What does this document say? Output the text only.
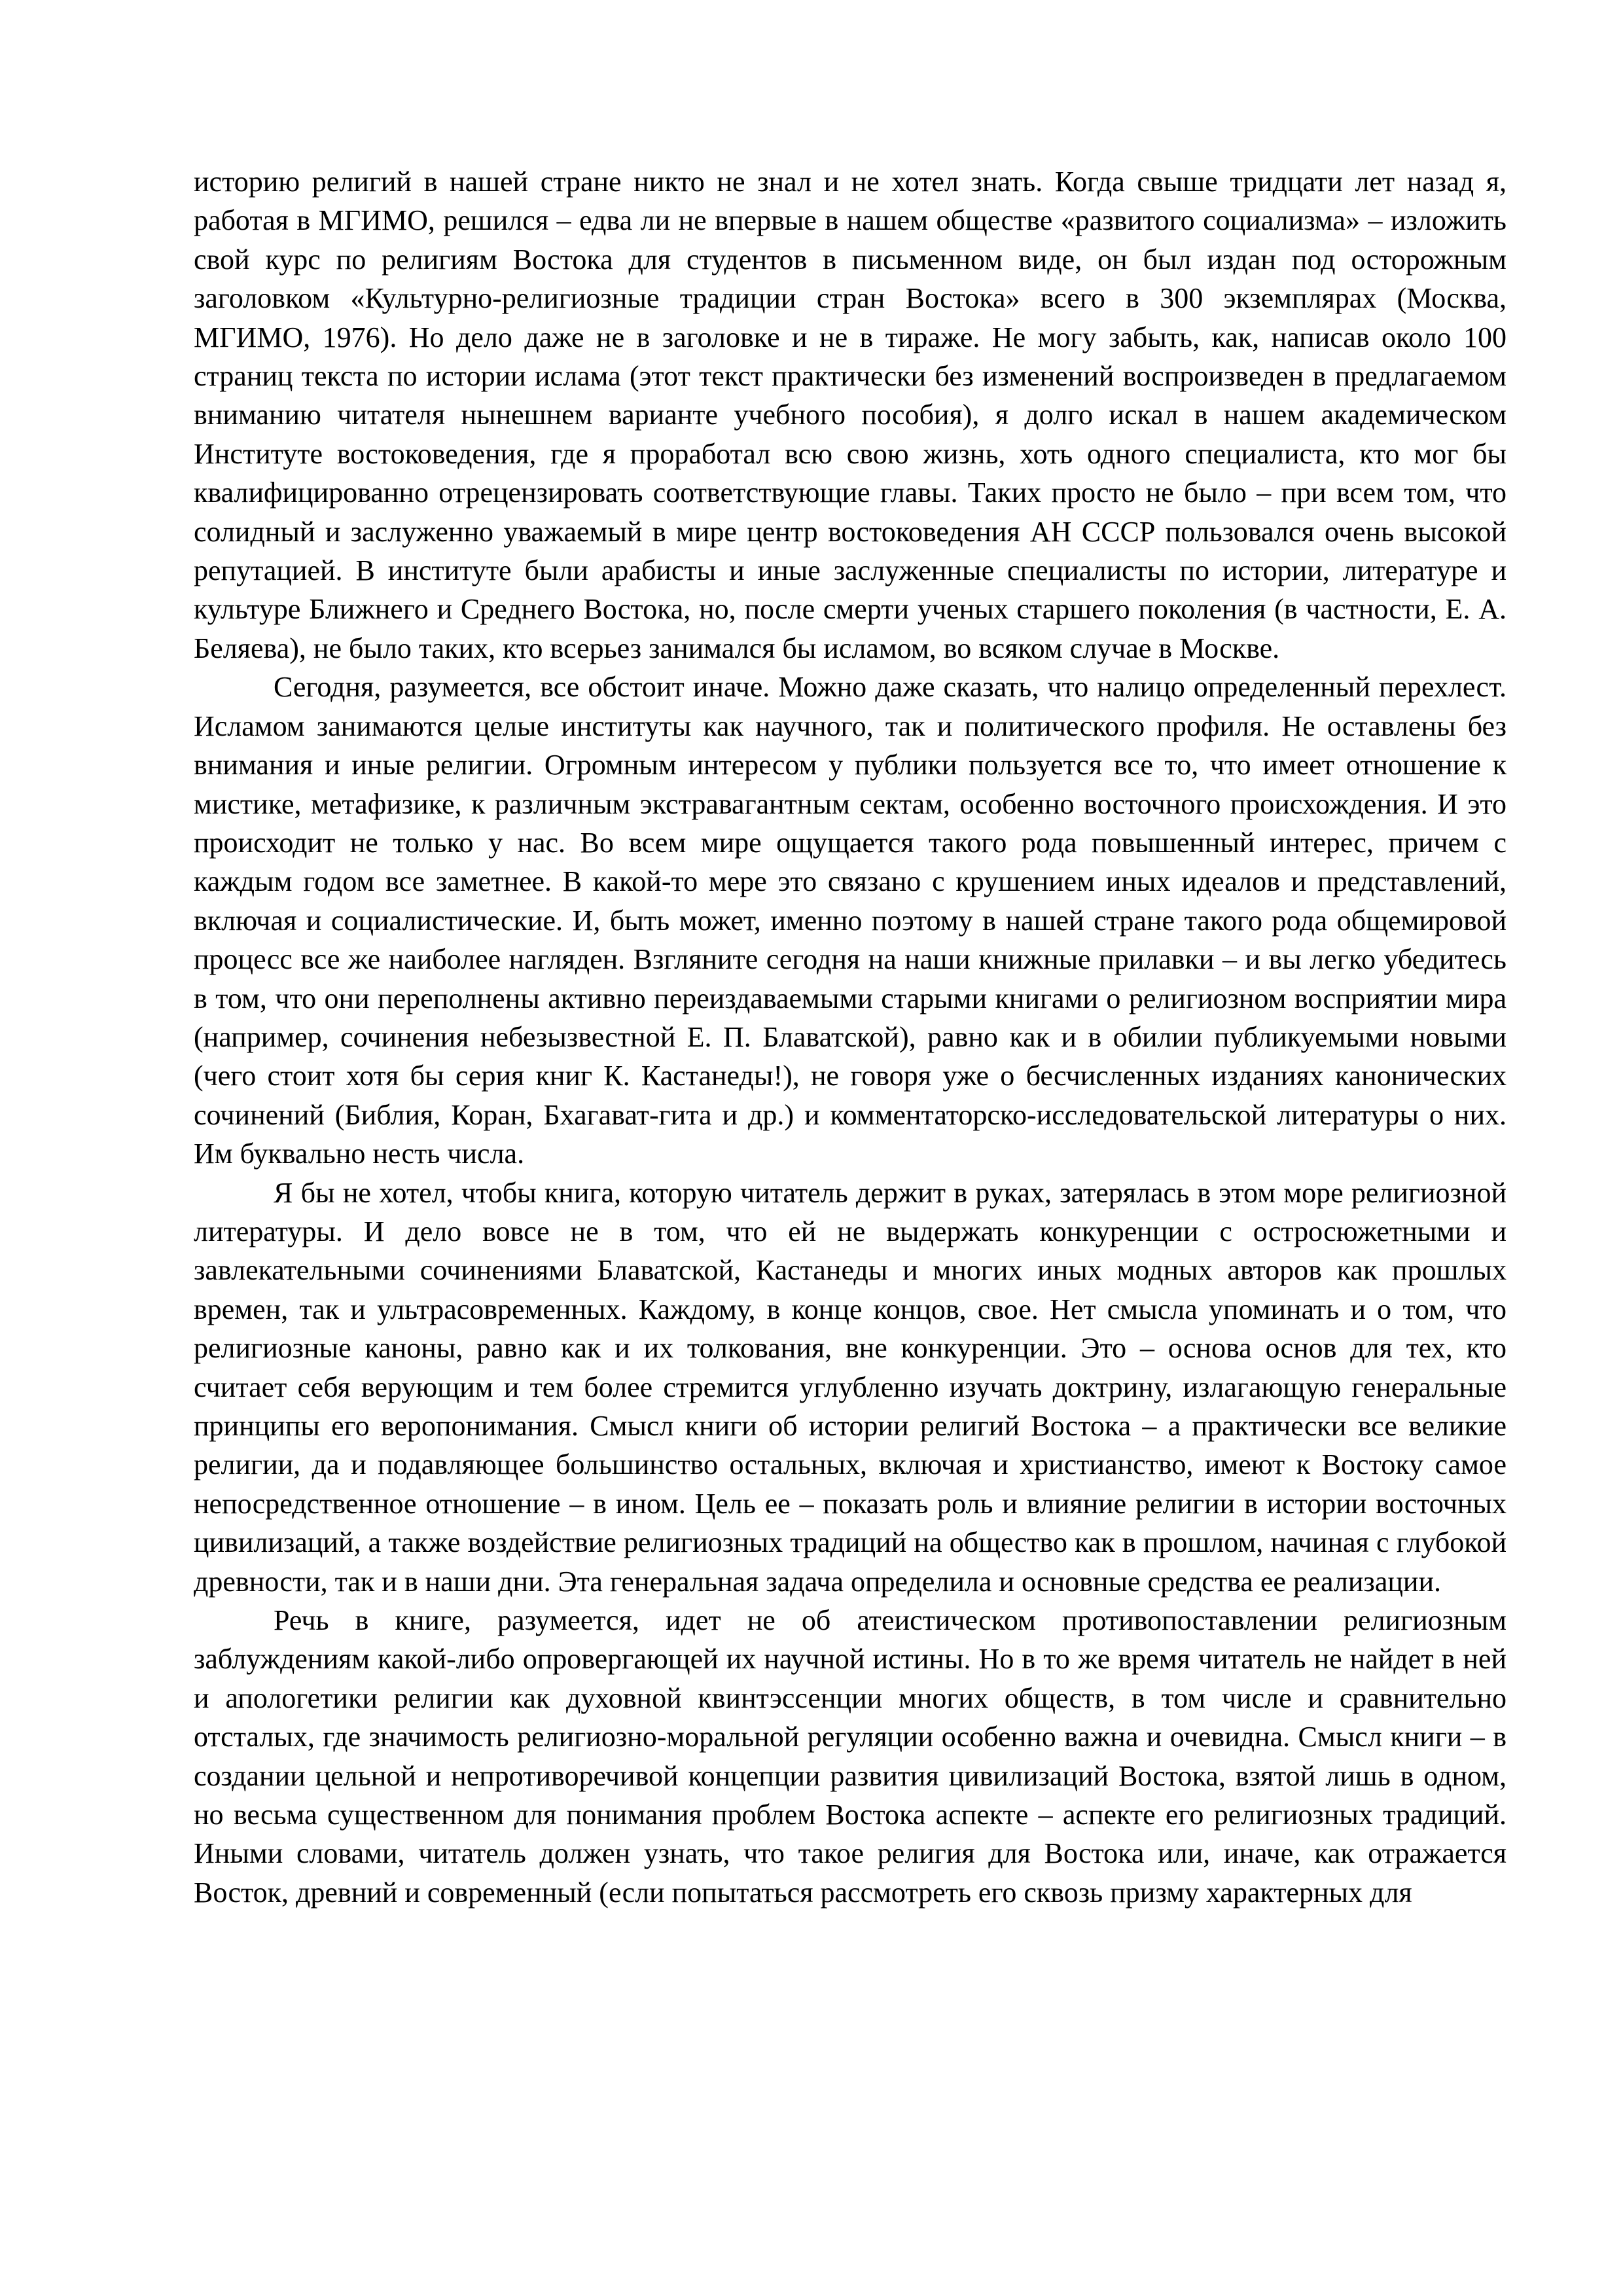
историю религий в нашей стране никто не знал и не хотел знать. Когда свыше тридцати лет назад я, работая в МГИМО, решился – едва ли не впервые в нашем обществе «развитого социализма» – изложить свой курс по религиям Востока для студентов в письменном виде, он был издан под осторожным заголовком «Культурно-религиозные традиции стран Востока» всего в 300 экземплярах (Москва, МГИМО, 1976). Но дело даже не в заголовке и не в тираже. Не могу забыть, как, написав около 100 страниц текста по истории ислама (этот текст практически без изменений воспроизведен в предлагаемом вниманию читателя нынешнем варианте учебного пособия), я долго искал в нашем академическом Институте востоковедения, где я проработал всю свою жизнь, хоть одного специалиста, кто мог бы квалифицированно отрецензировать соответствующие главы. Таких просто не было – при всем том, что солидный и заслуженно уважаемый в мире центр востоковедения АН СССР пользовался очень высокой репутацией. В институте были арабисты и иные заслуженные специалисты по истории, литературе и культуре Ближнего и Среднего Востока, но, после смерти ученых старшего поколения (в частности, Е. А. Беляева), не было таких, кто всерьез занимался бы исламом, во всяком случае в Москве.

Сегодня, разумеется, все обстоит иначе. Можно даже сказать, что налицо определенный перехлест. Исламом занимаются целые институты как научного, так и политического профиля. Не оставлены без внимания и иные религии. Огромным интересом у публики пользуется все то, что имеет отношение к мистике, метафизике, к различным экстравагантным сектам, особенно восточного происхождения. И это происходит не только у нас. Во всем мире ощущается такого рода повышенный интерес, причем с каждым годом все заметнее. В какой-то мере это связано с крушением иных идеалов и представлений, включая и социалистические. И, быть может, именно поэтому в нашей стране такого рода общемировой процесс все же наиболее нагляден. Взгляните сегодня на наши книжные прилавки – и вы легко убедитесь в том, что они переполнены активно переиздаваемыми старыми книгами о религиозном восприятии мира (например, сочинения небезызвестной Е. П. Блаватской), равно как и в обилии публикуемыми новыми (чего стоит хотя бы серия книг К. Кастанеды!), не говоря уже о бесчисленных изданиях канонических сочинений (Библия, Коран, Бхагават-гита и др.) и комментаторско-исследовательской литературы о них. Им буквально несть числа.

Я бы не хотел, чтобы книга, которую читатель держит в руках, затерялась в этом море религиозной литературы. И дело вовсе не в том, что ей не выдержать конкуренции с остросюжетными и завлекательными сочинениями Блаватской, Кастанеды и многих иных модных авторов как прошлых времен, так и ультрасовременных. Каждому, в конце концов, свое. Нет смысла упоминать и о том, что религиозные каноны, равно как и их толкования, вне конкуренции. Это – основа основ для тех, кто считает себя верующим и тем более стремится углубленно изучать доктрину, излагающую генеральные принципы его веропонимания. Смысл книги об истории религий Востока – а практически все великие религии, да и подавляющее большинство остальных, включая и христианство, имеют к Востоку самое непосредственное отношение – в ином. Цель ее – показать роль и влияние религии в истории восточных цивилизаций, а также воздействие религиозных традиций на общество как в прошлом, начиная с глубокой древности, так и в наши дни. Эта генеральная задача определила и основные средства ее реализации.

Речь в книге, разумеется, идет не об атеистическом противопоставлении религиозным заблуждениям какой-либо опровергающей их научной истины. Но в то же время читатель не найдет в ней и апологетики религии как духовной квинтэссенции многих обществ, в том числе и сравнительно отсталых, где значимость религиозно-моральной регуляции особенно важна и очевидна. Смысл книги – в создании цельной и непротиворечивой концепции развития цивилизаций Востока, взятой лишь в одном, но весьма существенном для понимания проблем Востока аспекте – аспекте его религиозных традиций. Иными словами, читатель должен узнать, что такое религия для Востока или, иначе, как отражается Восток, древний и современный (если попытаться рассмотреть его сквозь призму характерных для
